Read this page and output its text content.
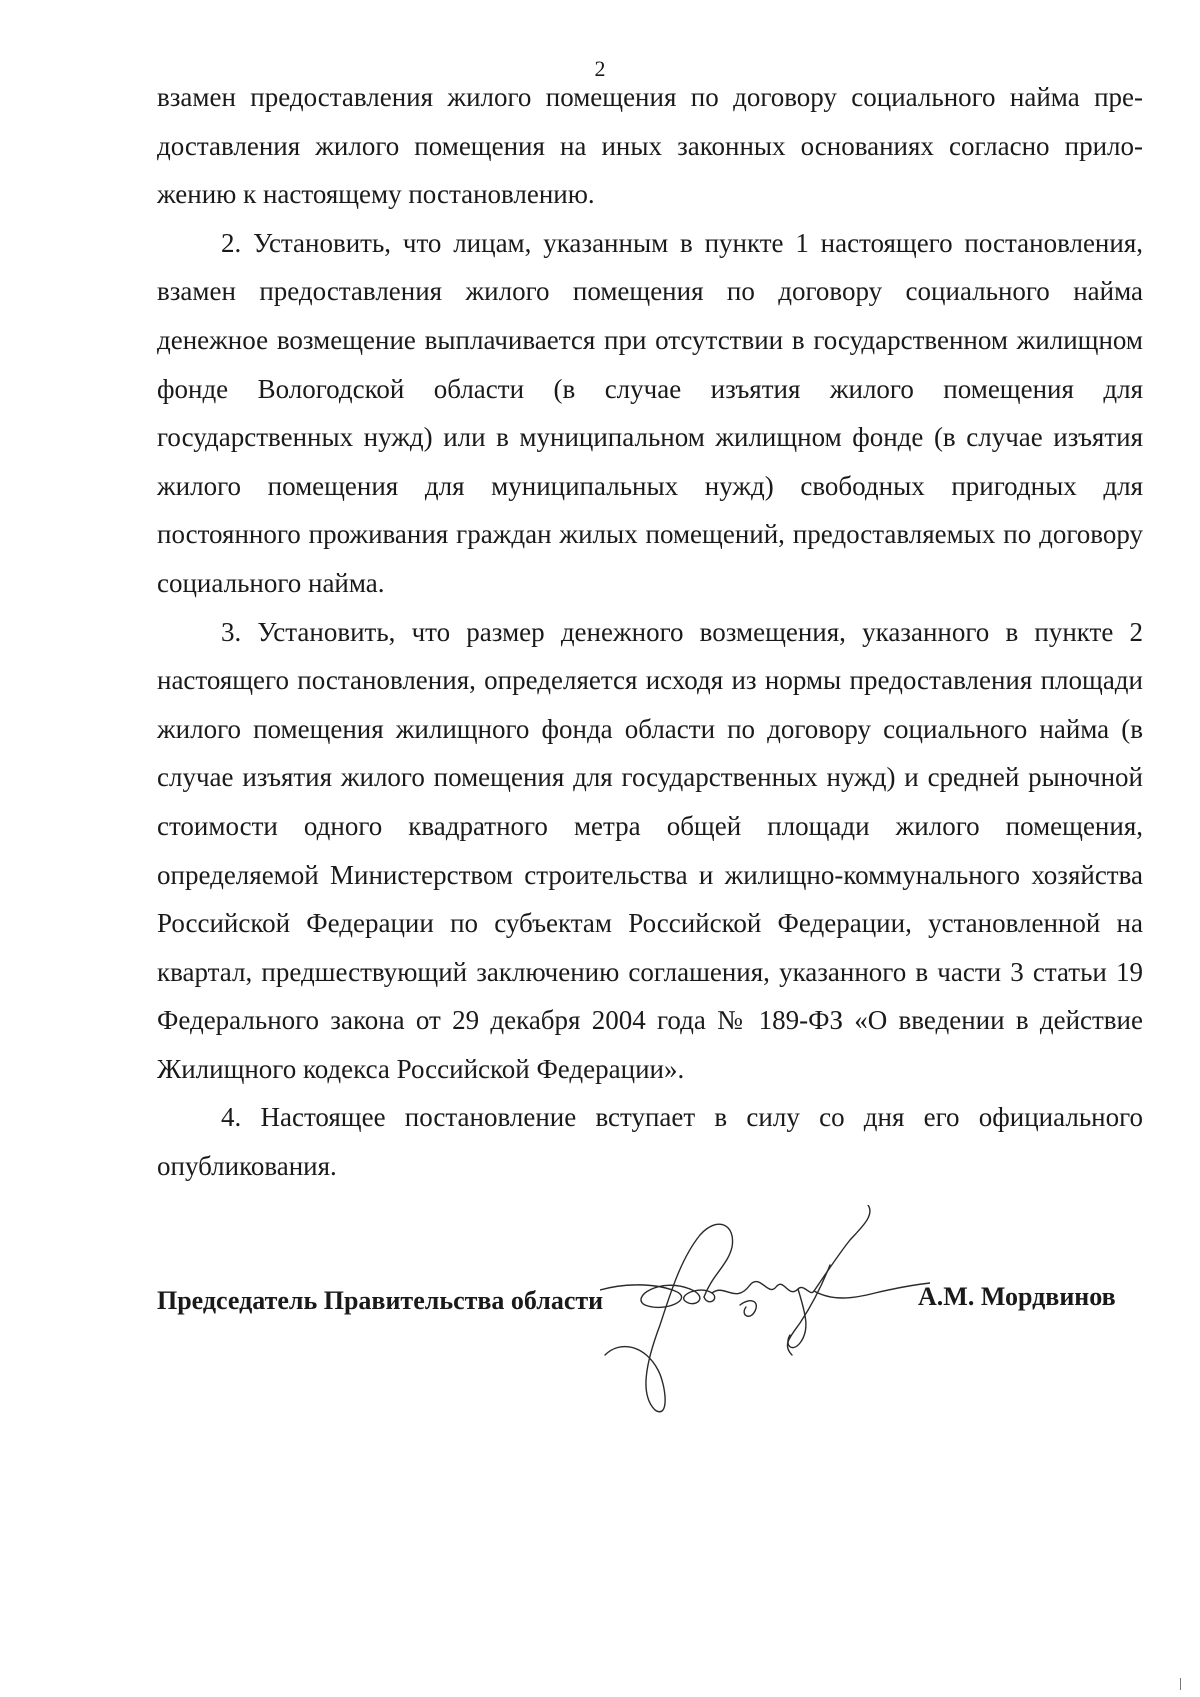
2

взамен предоставления жилого помещения по договору социального найма предоставления жилого помещения на иных законных основаниях согласно приложению к настоящему постановлению.

2. Установить, что лицам, указанным в пункте 1 настоящего постановления, взамен предоставления жилого помещения по договору социального найма денежное возмещение выплачивается при отсутствии в государственном жилищном фонде Вологодской области (в случае изъятия жилого помещения для государственных нужд) или в муниципальном жилищном фонде (в случае изъятия жилого помещения для муниципальных нужд) свободных пригодных для постоянного проживания граждан жилых помещений, предоставляемых по договору социального найма.

3. Установить, что размер денежного возмещения, указанного в пункте 2 настоящего постановления, определяется исходя из нормы предоставления площади жилого помещения жилищного фонда области по договору социального найма (в случае изъятия жилого помещения для государственных нужд) и средней рыночной стоимости одного квадратного метра общей площади жилого помещения, определяемой Министерством строительства и жилищно-коммунального хозяйства Российской Федерации по субъектам Российской Федерации, установленной на квартал, предшествующий заключению соглашения, указанного в части 3 статьи 19 Федерального закона от 29 декабря 2004 года № 189-ФЗ «О введении в действие Жилищного кодекса Российской Федерации».

4. Настоящее постановление вступает в силу со дня его официального опубликования.

Председатель Правительства области	А.М. Мордвинов
